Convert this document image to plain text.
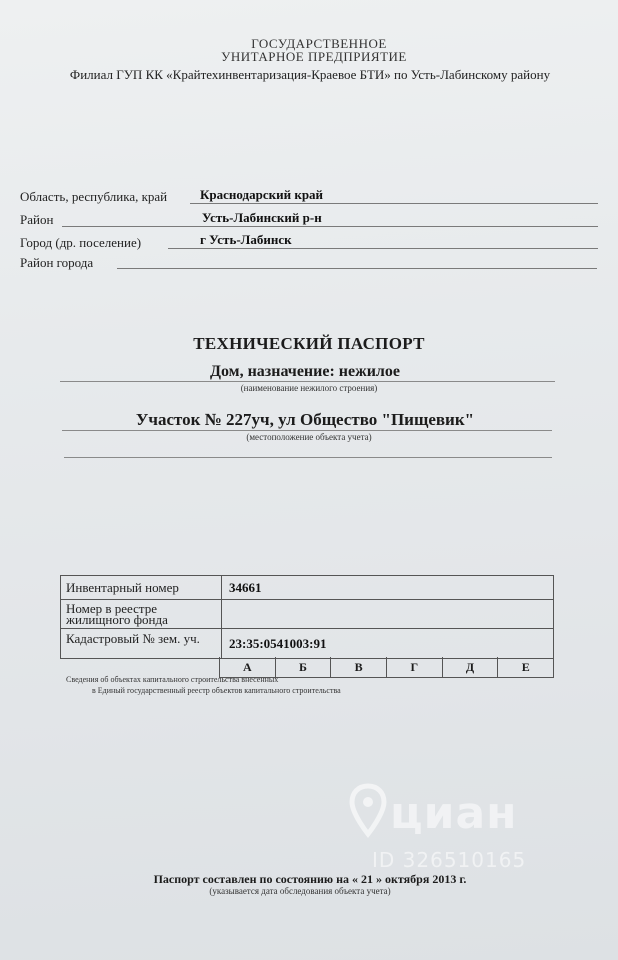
ГОСУДАРСТВЕННОЕ
УНИТАРНОЕ ПРЕДПРИЯТИЕ
Филиал ГУП КК «Крайтехинвентаризация-Краевое БТИ» по Усть-Лабинскому району
Область, республика, край	Краснодарский край
Район	Усть-Лабинский р-н
Город (др. поселение)	г Усть-Лабинск
Район города
ТЕХНИЧЕСКИЙ ПАСПОРТ
Дом, назначение: нежилое
(наименование нежилого строения)
Участок № 227уч, ул Общество "Пищевик"
(местоположение объекта учета)
Инвентарный номер	34661
Номер в реестре
жилищного фонда
Кадастровый № зем. уч. 23:35:0541003:91
А	Б	В	Г	Д	Е
Сведения об объектах капитального строительства внесенных
в Единый государственный реестр объектов капитального строительства
циан
ID 326510165
Паспорт составлен по состоянию на « 21 » октября 2013 г.
(указывается дата обследования объекта учета)
